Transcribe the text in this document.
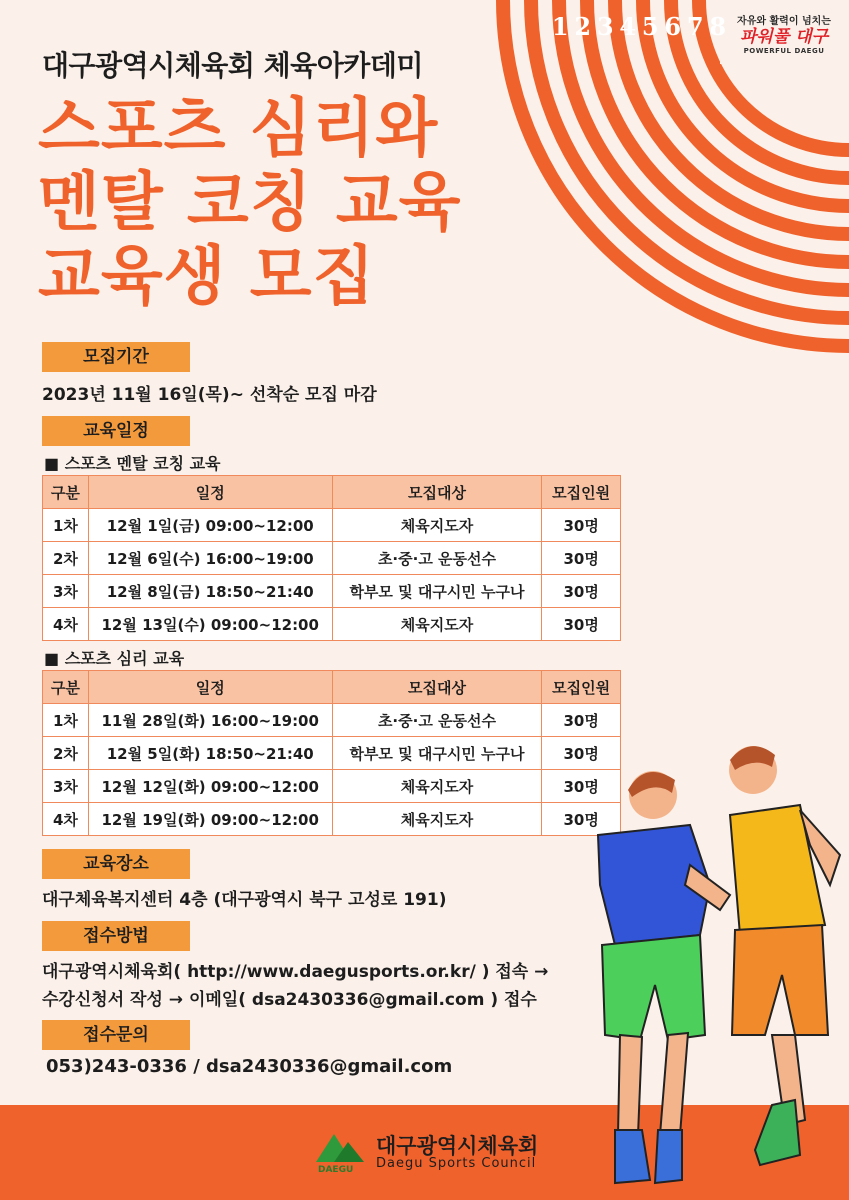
1 2 3 4 5 6 7 8	자유와 활력이 넘치는
파워풀 대구
POWERFUL DAEGU
대구광역시체육회 체육아카데미
스포츠 심리와
멘탈 코칭 교육
교육생 모집
모집기간
2023년 11월 16일(목)~ 선착순 모집 마감
교육일정
■ 스포츠 멘탈 코칭 교육
구분	일정	모집대상	모집인원
1차	12월 1일(금) 09:00~12:00	체육지도자	30명
2차	12월 6일(수) 16:00~19:00	초·중·고 운동선수	30명
3차	12월 8일(금) 18:50~21:40	학부모 및 대구시민 누구나	30명
4차	12월 13일(수) 09:00~12:00	체육지도자	30명
■ 스포츠 심리 교육
구분	일정	모집대상	모집인원
1차	11월 28일(화) 16:00~19:00	초·중·고 운동선수	30명
2차	12월 5일(화) 18:50~21:40	학부모 및 대구시민 누구나	30명
3차	12월 12일(화) 09:00~12:00	체육지도자	30명
4차	12월 19일(화) 09:00~12:00	체육지도자	30명
교육장소
대구체육복지센터 4층 (대구광역시 북구 고성로 191)
접수방법
대구광역시체육회( http://www.daegusports.or.kr/ ) 접속 →
수강신청서 작성 → 이메일( dsa2430336@gmail.com ) 접수
접수문의
053)243-0336 / dsa2430336@gmail.com
DAEGU
대구광역시체육회
Daegu Sports Council
